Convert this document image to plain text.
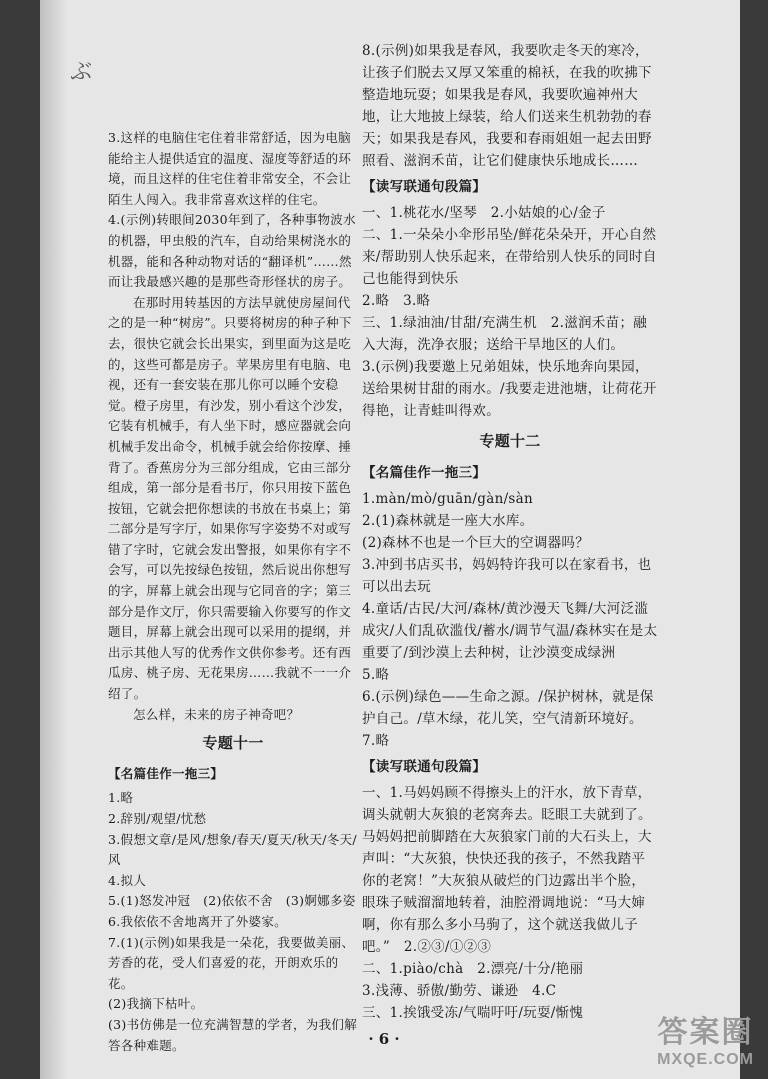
ぶ

3.这样的电脑住宅住着非常舒适，因为电脑能给主人提供适宜的温度、湿度等舒适的环境，而且这样的住宅住着非常安全，不会让陌生人闯入。我非常喜欢这样的住宅。

4.(示例)转眼间2030年到了，各种事物波水的机器，甲虫般的汽车，自动给果树浇水的机器，能和各种动物对话的“翻译机”……然而让我最感兴趣的是那些奇形怪状的房子。

在那时用转基因的方法早就使房屋间代之的是一种“树房”。只要将树房的种子种下去，很快它就会长出果实，到里面为这是吃的，这些可都是房子。苹果房里有电脑、电视，还有一套安装在那儿你可以睡个安稳觉。橙子房里，有沙发，别小看这个沙发，它装有机械手，有人坐下时，感应器就会向机械手发出命令，机械手就会给你按摩、捶背了。香蕉房分为三部分组成，它由三部分组成，第一部分是看书厅，你只用按下蓝色按钮，它就会把你想读的书放在书桌上；第二部分是写字厅，如果你写字姿势不对或写错了字时，它就会发出警报，如果你有字不会写，可以先按绿色按钮，然后说出你想写的字，屏幕上就会出现与它同音的字；第三部分是作文厅，你只需要输入你要写的作文题目，屏幕上就会出现可以采用的提纲，并出示其他人写的优秀作文供你参考。还有西瓜房、桃子房、无花果房……我就不一一介绍了。

怎么样，未来的房子神奇吧？

专题十一
【名篇佳作一拖三】

1.略

2.辞别/观望/忧愁

3.假想文章/是风/想象/春天/夏天/秋天/冬天/风

4.拟人

5.(1)怒发冲冠　(2)依依不舍　(3)婀娜多姿

6.我依依不舍地离开了外婆家。

7.(1)(示例)如果我是一朵花，我要做美丽、芳香的花，受人们喜爱的花，开朗欢乐的花。

(2)我摘下枯叶。

(3)书仿佛是一位充满智慧的学者，为我们解答各种难题。

8.(示例)如果我是春风，我要吹走冬天的寒冷，让孩子们脱去又厚又笨重的棉袄，在我的吹拂下整造地玩耍；如果我是春风，我要吹遍神州大地，让大地披上绿装，给人们送来生机勃勃的春天；如果我是春风，我要和春雨姐姐一起去田野照看、滋润禾苗，让它们健康快乐地成长……

【读写联通句段篇】

一、1.桃花水/坚琴　2.小姑娘的心/金子

二、1.一朵朵小伞形吊坠/鲜花朵朵开，开心自然来/帮助别人快乐起来，在带给别人快乐的同时自己也能得到快乐

2.略　3.略

三、1.绿油油/甘甜/充满生机　2.滋润禾苗；融入大海，洗净衣服；送给干旱地区的人们。

3.(示例)我要邀上兄弟姐妹，快乐地奔向果园，送给果树甘甜的雨水。/我要走进池塘，让荷花开得艳，让青蛙叫得欢。

专题十二
【名篇佳作一拖三】

1.màn/mò/guān/gàn/sàn

2.(1)森林就是一座大水库。

(2)森林不也是一个巨大的空调器吗？

3.冲到书店买书，妈妈特许我可以在家看书，也可以出去玩

4.童话/古民/大河/森林/黄沙漫天飞舞/大河泛滥成灾/人们乱砍滥伐/蓄水/调节气温/森林实在是太重要了/到沙漠上去种树，让沙漠变成绿洲

5.略

6.(示例)绿色——生命之源。/保护树林，就是保护自己。/草木绿，花儿笑，空气清新环境好。

7.略

【读写联通句段篇】

一、1.马妈妈顾不得擦头上的汗水，放下青草，调头就朝大灰狼的老窝奔去。眨眼工夫就到了。马妈妈把前脚踏在大灰狼家门前的大石头上，大声叫：“大灰狼，快快还我的孩子，不然我踏平你的老窝！”大灰狼从破烂的门边露出半个脸，眼珠子贼溜溜地转着，油腔滑调地说：“马大婶啊，你有那么多小马驹了，这个就送我做儿子吧。”　2.②③/①②③

二、1.piào/chà　2.漂亮/十分/艳丽

3.浅薄、骄傲/勤劳、谦逊　4.C

三、1.挨饿受冻/气喘吁吁/玩耍/惭愧

· 6 ·	答案圈
MXQE.COM
